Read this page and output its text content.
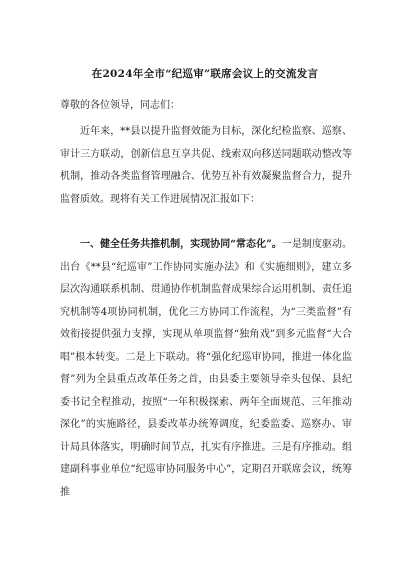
在2024年全市“纪巡审”联席会议上的交流发言
尊敬的各位领导，同志们：

近年来，**县以提升监督效能为目标，深化纪检监察、巡察、审计三方联动，创新信息互享共促、线索双向移送同题联动整改等机制，推动各类监督管理融合、优势互补有效凝聚监督合力，提升监督质效。现将有关工作进展情况汇报如下：

一、健全任务共推机制，实现协同“常态化”。一是制度驱动。出台《**县“纪巡审”工作协同实施办法》和《实施细则》，建立多层次沟通联系机制、贯通协作机制监督成果综合运用机制、责任追究机制等4项协同机制，优化三方协同工作流程，为“三类监督”有效衔接提供强力支撑，实现从单项监督“独角戏”到多元监督“大合唱”根本转变。二是上下联动。将“强化纪巡审协同，推进一体化监督”列为全县重点改革任务之首，由县委主要领导牵头包保、县纪委书记全程推动，按照“一年积极探索、两年全面规范、三年推动深化”的实施路径，县委改革办统筹调度，纪委监委、巡察办、审计局具体落实，明确时间节点，扎实有序推进。三是有序推动。组建副科事业单位“纪巡审协同服务中心”，定期召开联席会议，统筹推
